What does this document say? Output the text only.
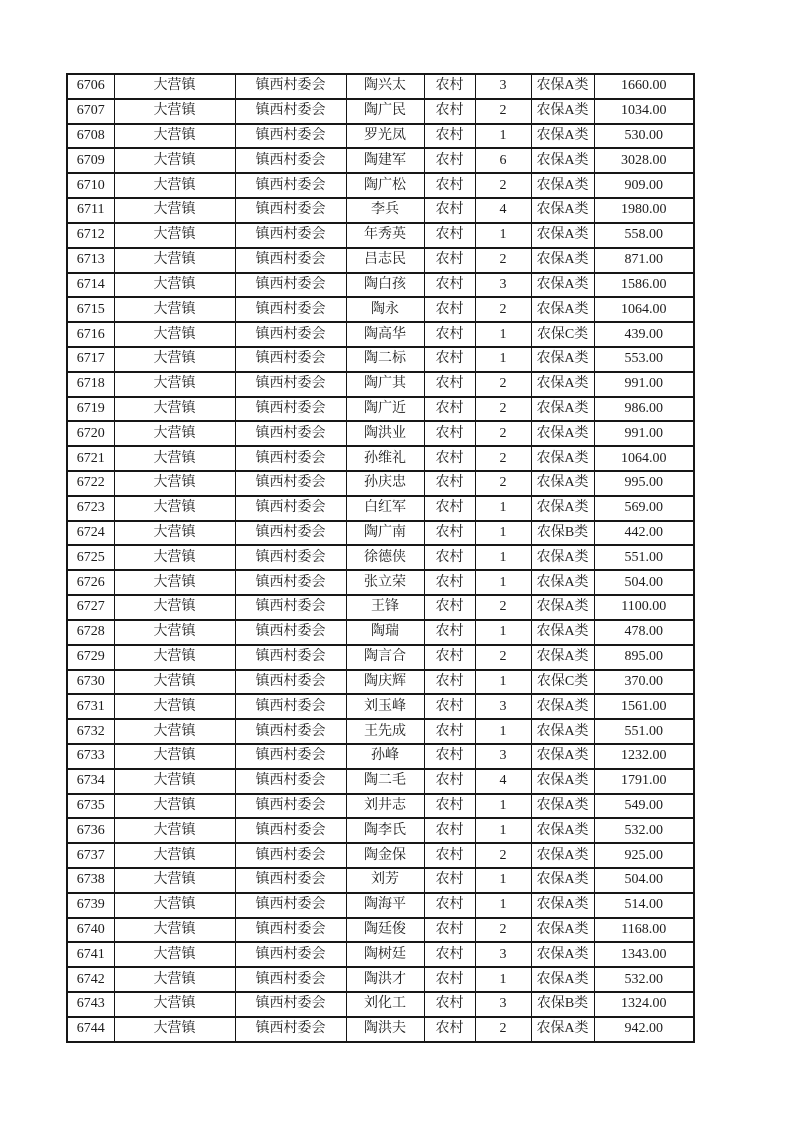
6706	大营镇	镇西村委会	陶兴太	农村	3	农保A类	1660.00
6707	大营镇	镇西村委会	陶广民	农村	2	农保A类	1034.00
6708	大营镇	镇西村委会	罗光凤	农村	1	农保A类	530.00
6709	大营镇	镇西村委会	陶建军	农村	6	农保A类	3028.00
6710	大营镇	镇西村委会	陶广松	农村	2	农保A类	909.00
6711	大营镇	镇西村委会	李兵	农村	4	农保A类	1980.00
6712	大营镇	镇西村委会	年秀英	农村	1	农保A类	558.00
6713	大营镇	镇西村委会	吕志民	农村	2	农保A类	871.00
6714	大营镇	镇西村委会	陶白孩	农村	3	农保A类	1586.00
6715	大营镇	镇西村委会	陶永	农村	2	农保A类	1064.00
6716	大营镇	镇西村委会	陶高华	农村	1	农保C类	439.00
6717	大营镇	镇西村委会	陶二标	农村	1	农保A类	553.00
6718	大营镇	镇西村委会	陶广其	农村	2	农保A类	991.00
6719	大营镇	镇西村委会	陶广近	农村	2	农保A类	986.00
6720	大营镇	镇西村委会	陶洪业	农村	2	农保A类	991.00
6721	大营镇	镇西村委会	孙维礼	农村	2	农保A类	1064.00
6722	大营镇	镇西村委会	孙庆忠	农村	2	农保A类	995.00
6723	大营镇	镇西村委会	白红军	农村	1	农保A类	569.00
6724	大营镇	镇西村委会	陶广南	农村	1	农保B类	442.00
6725	大营镇	镇西村委会	徐德侠	农村	1	农保A类	551.00
6726	大营镇	镇西村委会	张立荣	农村	1	农保A类	504.00
6727	大营镇	镇西村委会	王锋	农村	2	农保A类	1100.00
6728	大营镇	镇西村委会	陶瑞	农村	1	农保A类	478.00
6729	大营镇	镇西村委会	陶言合	农村	2	农保A类	895.00
6730	大营镇	镇西村委会	陶庆辉	农村	1	农保C类	370.00
6731	大营镇	镇西村委会	刘玉峰	农村	3	农保A类	1561.00
6732	大营镇	镇西村委会	王先成	农村	1	农保A类	551.00
6733	大营镇	镇西村委会	孙峰	农村	3	农保A类	1232.00
6734	大营镇	镇西村委会	陶二毛	农村	4	农保A类	1791.00
6735	大营镇	镇西村委会	刘井志	农村	1	农保A类	549.00
6736	大营镇	镇西村委会	陶李氏	农村	1	农保A类	532.00
6737	大营镇	镇西村委会	陶金保	农村	2	农保A类	925.00
6738	大营镇	镇西村委会	刘芳	农村	1	农保A类	504.00
6739	大营镇	镇西村委会	陶海平	农村	1	农保A类	514.00
6740	大营镇	镇西村委会	陶廷俊	农村	2	农保A类	1168.00
6741	大营镇	镇西村委会	陶树廷	农村	3	农保A类	1343.00
6742	大营镇	镇西村委会	陶洪才	农村	1	农保A类	532.00
6743	大营镇	镇西村委会	刘化工	农村	3	农保B类	1324.00
6744	大营镇	镇西村委会	陶洪夫	农村	2	农保A类	942.00
